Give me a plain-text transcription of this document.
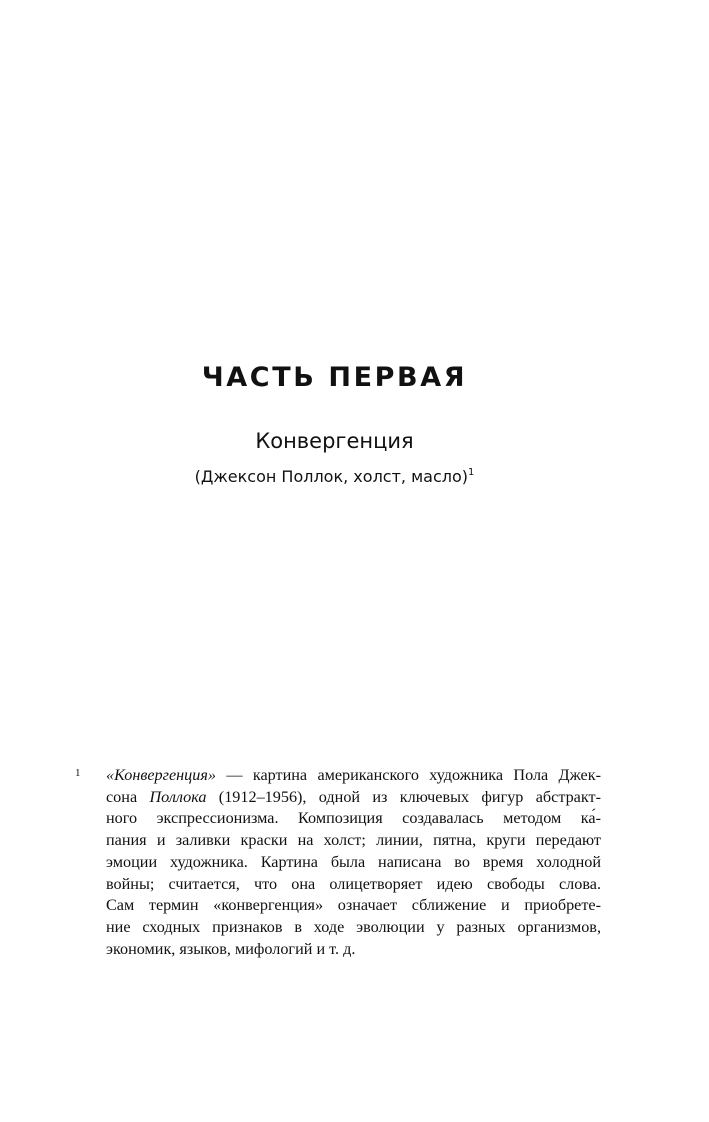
ЧАСТЬ ПЕРВАЯ
Конвергенция

(Джексон Поллок, холст, масло)$^1$

1 «Конвергенция» — картина американского художника Пола Джек-
сона Поллока (1912–1956), одной из ключевых фигур абстракт-
ного экспрессионизма. Композиция создавалась методом ка́-
пания и заливки краски на холст; линии, пятна, круги передают
эмоции художника. Картина была написана во время холодной
войны; считается, что она олицетворяет идею свободы слова.
Сам термин «конвергенция» означает сближение и приобрете-
ние сходных признаков в ходе эволюции у разных организмов,
экономик, языков, мифологий и т. д.
